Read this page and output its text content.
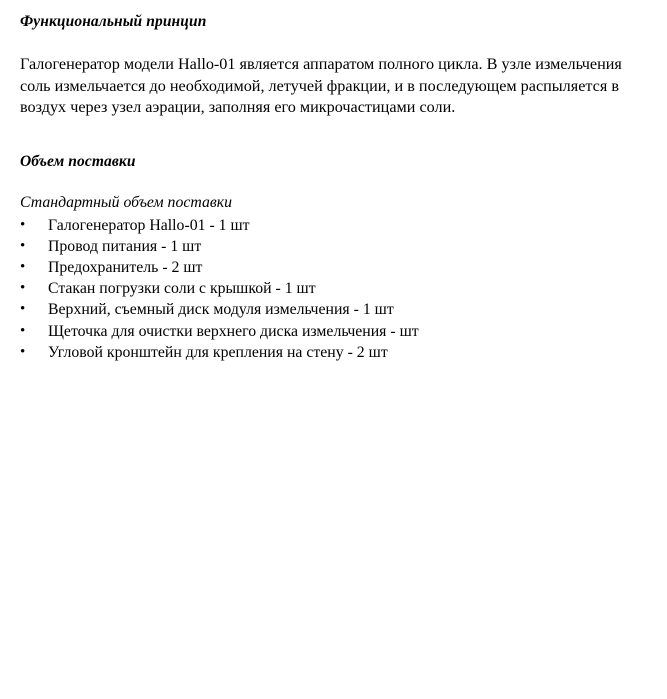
Функциональный принцип

Галогенератор модели Hallo-01 является аппаратом полного цикла. В узле измельчения соль измельчается до необходимой, летучей фракции, и в последующем распыляется в воздух через узел аэрации, заполняя его микрочастицами соли.

Объем поставки

Стандартный объем поставки

• Галогенератор Hallo-01 - 1 шт
• Провод питания - 1 шт
• Предохранитель - 2 шт
• Стакан погрузки соли с крышкой - 1 шт
• Верхний, съемный диск модуля измельчения - 1 шт
• Щеточка для очистки верхнего диска измельчения - шт
• Угловой кронштейн для крепления на стену - 2 шт
